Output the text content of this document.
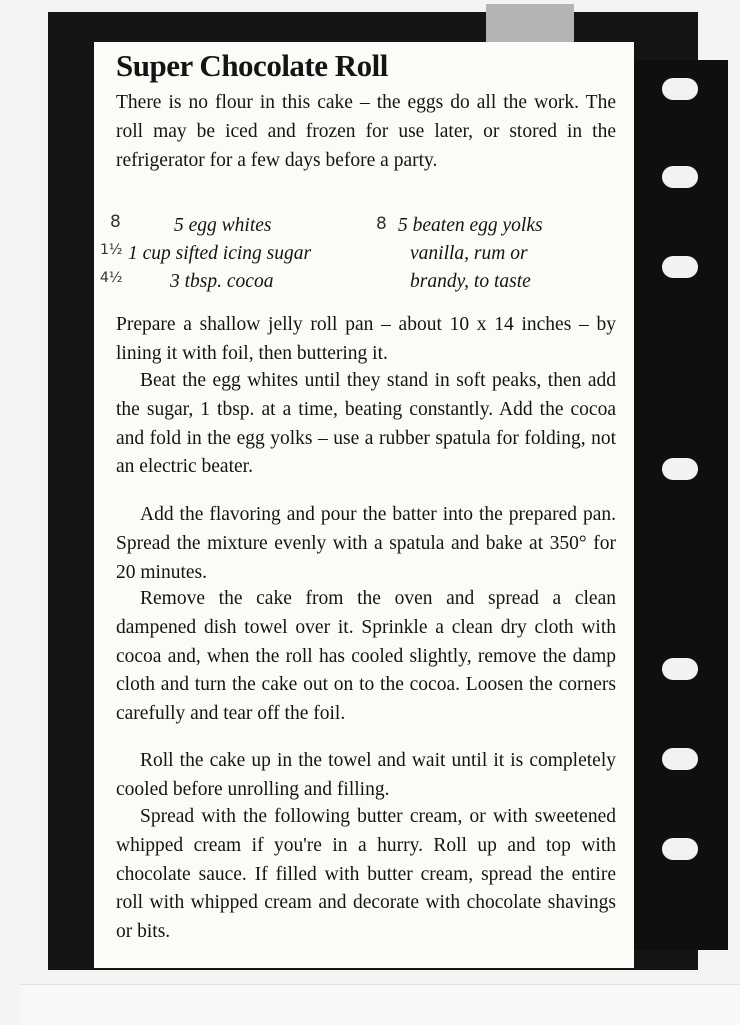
Super Chocolate Roll

There is no flour in this cake – the eggs do all the work. The roll may be iced and frozen for use later, or stored in the refrigerator for a few days before a party.

8
1½
4½
8
5 egg whites
1 cup sifted icing sugar
3 tbsp. cocoa
5 beaten egg yolks
vanilla, rum or
brandy, to taste

Prepare a shallow jelly roll pan – about 10 x 14 inches – by lining it with foil, then buttering it.

Beat the egg whites until they stand in soft peaks, then add the sugar, 1 tbsp. at a time, beating constantly. Add the cocoa and fold in the egg yolks – use a rubber spatula for folding, not an electric beater.

Add the flavoring and pour the batter into the prepared pan. Spread the mixture evenly with a spatula and bake at 350° for 20 minutes.

Remove the cake from the oven and spread a clean dampened dish towel over it. Sprinkle a clean dry cloth with cocoa and, when the roll has cooled slightly, remove the damp cloth and turn the cake out on to the cocoa. Loosen the corners carefully and tear off the foil.

Roll the cake up in the towel and wait until it is completely cooled before unrolling and filling.

Spread with the following butter cream, or with sweetened whipped cream if you're in a hurry. Roll up and top with chocolate sauce. If filled with butter cream, spread the entire roll with whipped cream and decorate with chocolate shavings or bits.
